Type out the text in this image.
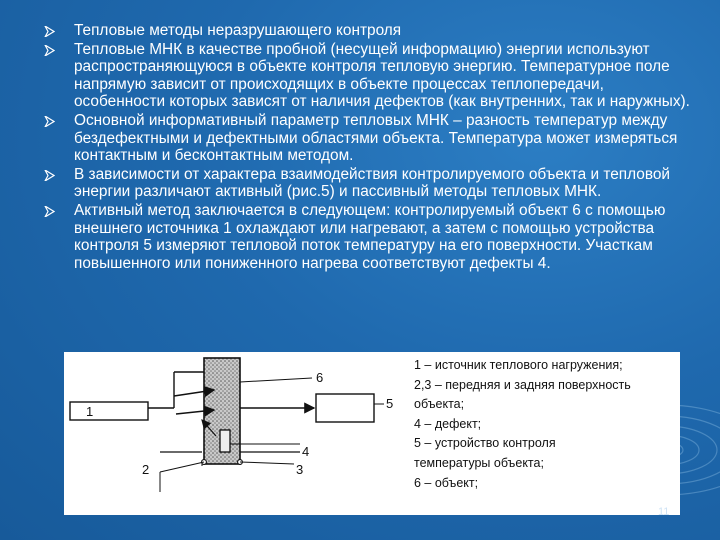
Тепловые методы неразрушающего контроля
Тепловые МНК в качестве пробной (несущей информацию) энергии используют распространяющуюся в объекте контроля тепловую энергию. Температурное поле напрямую зависит от происходящих в объекте процессах теплопередачи, особенности которых зависят от наличия дефектов (как внутренних, так и наружных).
Основной информативный параметр тепловых МНК – разность температур между бездефектными и дефектными областями объекта. Температура может измеряться контактным и бесконтактным методом.
В зависимости от характера взаимодействия контролируемого объекта и тепловой энергии различают активный (рис.5) и пассивный методы тепловых МНК.
Активный метод заключается в следующем: контролируемый объект 6 с помощью внешнего источника 1 охлаждают или нагревают, а затем с помощью устройства контроля 5 измеряют тепловой поток температуру на его поверхности. Участкам повышенного или пониженного нагрева соответствуют дефекты 4.
1
6
5
2	3
4
1 – источник теплового нагружения;
2,3 – передняя и задняя поверхность
объекта;
4 – дефект;
5 – устройство контроля
температуры объекта;
6 – объект;
11
